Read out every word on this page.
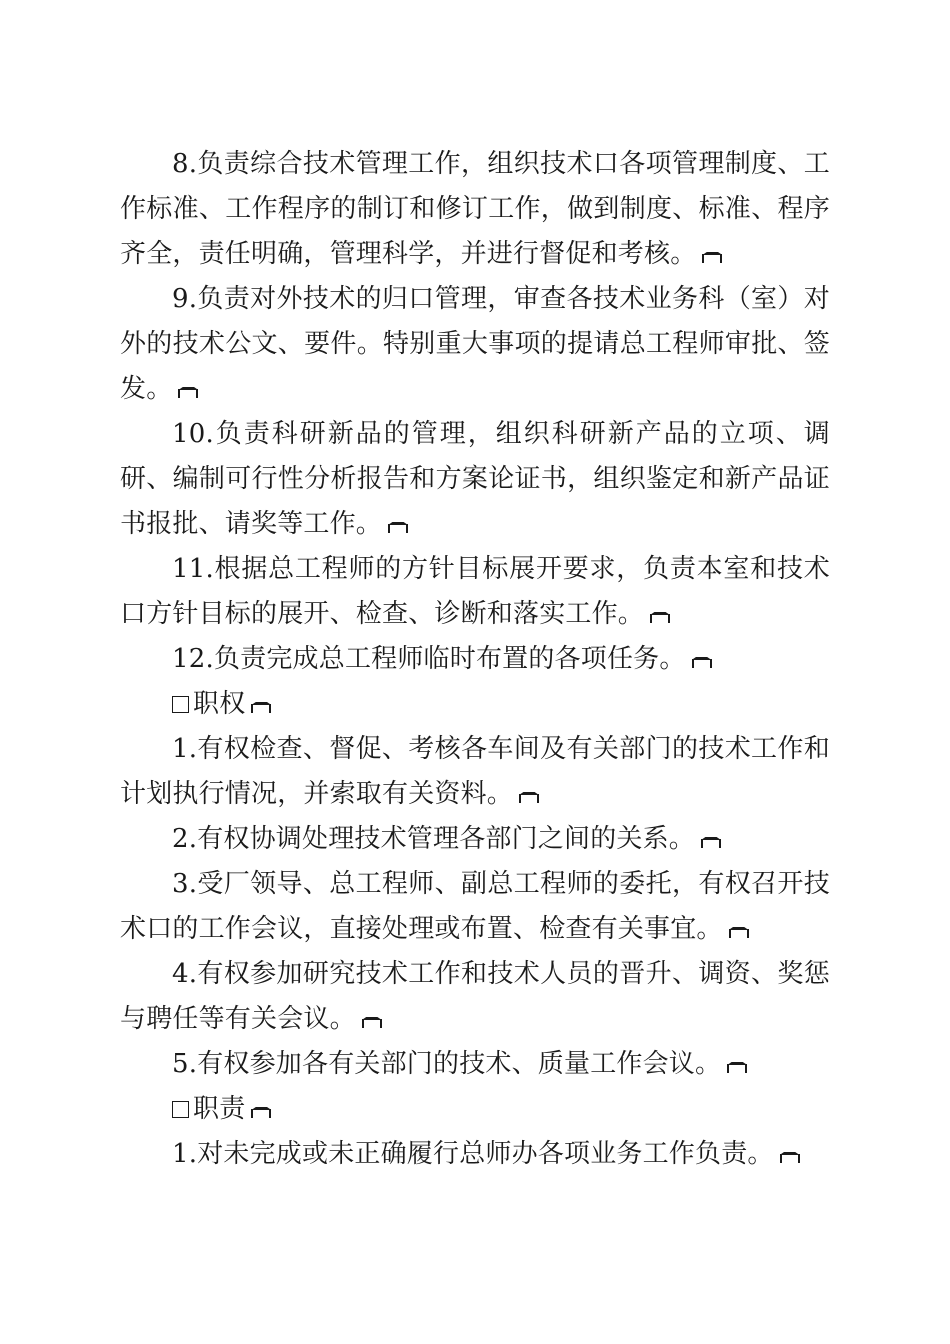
8.负责综合技术管理工作，组织技术口各项管理制度、工作标准、工作程序的制订和修订工作，做到制度、标准、程序齐全，责任明确，管理科学，并进行督促和考核。

9.负责对外技术的归口管理，审查各技术业务科（室）对外的技术公文、要件。特别重大事项的提请总工程师审批、签发。

10.负责科研新品的管理，组织科研新产品的立项、调研、编制可行性分析报告和方案论证书，组织鉴定和新产品证书报批、请奖等工作。

11.根据总工程师的方针目标展开要求，负责本室和技术口方针目标的展开、检查、诊断和落实工作。

12.负责完成总工程师临时布置的各项任务。

职权

1.有权检查、督促、考核各车间及有关部门的技术工作和计划执行情况，并索取有关资料。

2.有权协调处理技术管理各部门之间的关系。

3.受厂领导、总工程师、副总工程师的委托，有权召开技术口的工作会议，直接处理或布置、检查有关事宜。

4.有权参加研究技术工作和技术人员的晋升、调资、奖惩与聘任等有关会议。

5.有权参加各有关部门的技术、质量工作会议。

职责

1.对未完成或未正确履行总师办各项业务工作负责。
